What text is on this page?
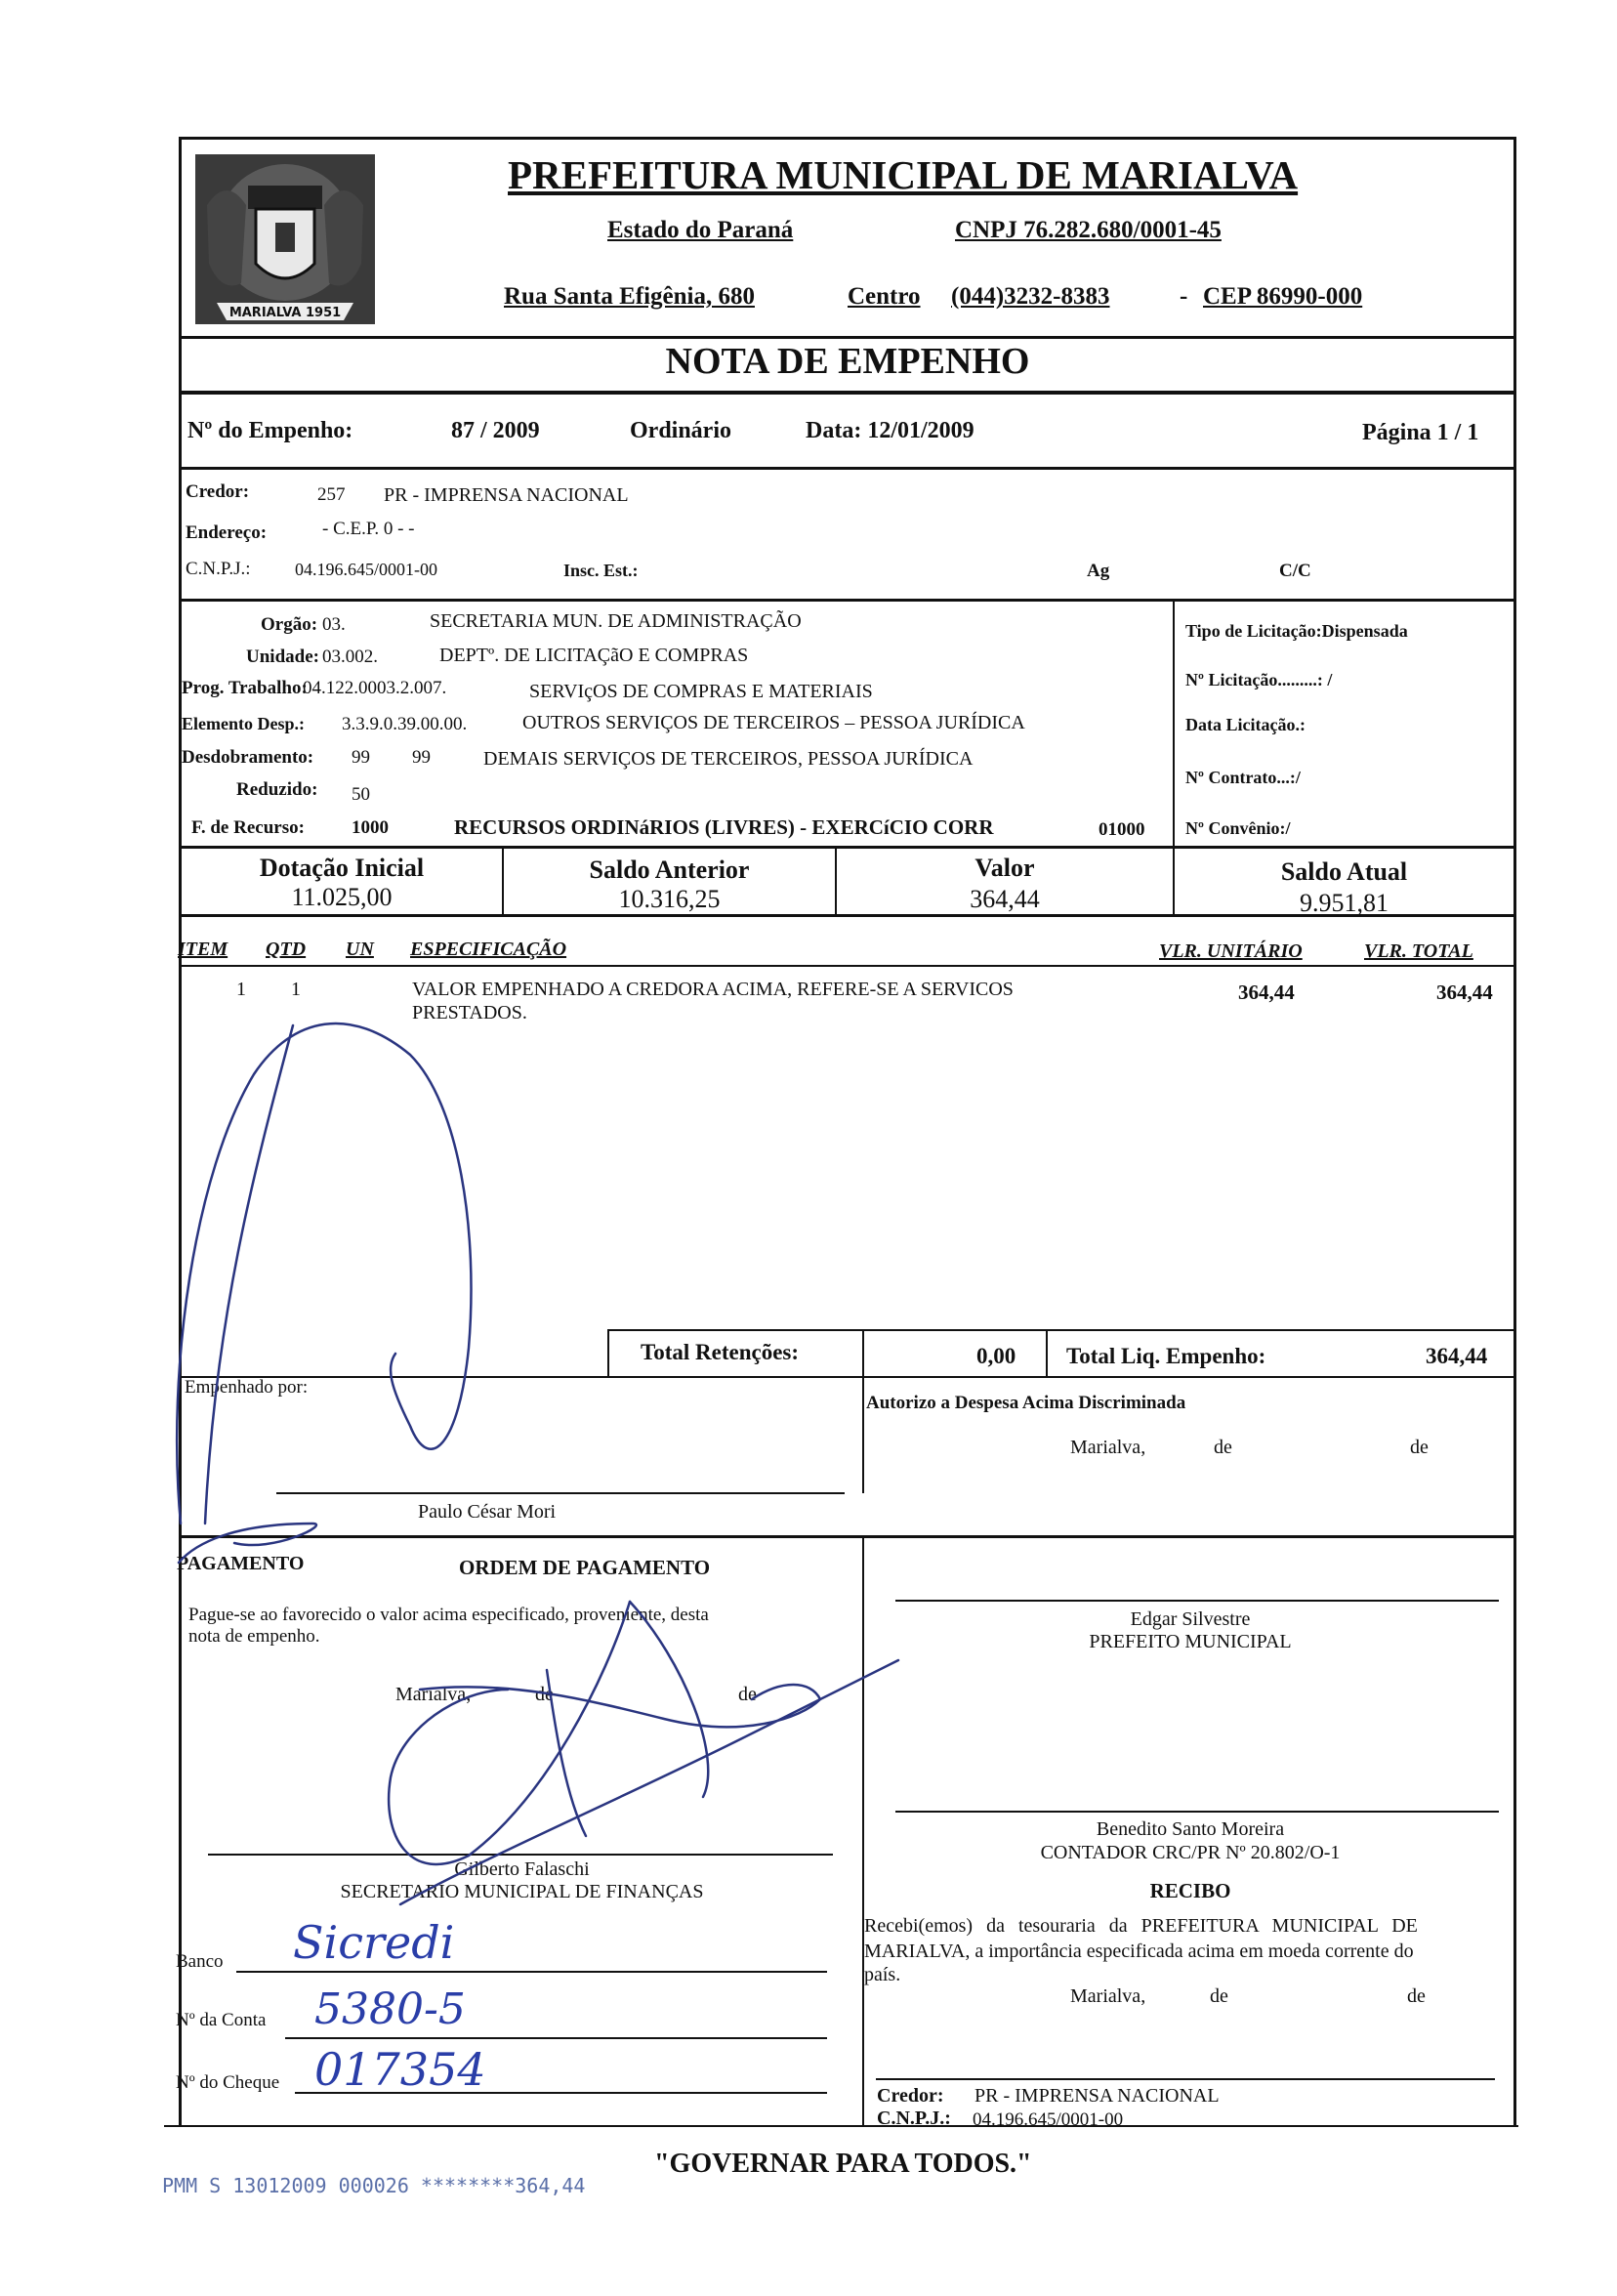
MARIALVA 1951
PREFEITURA MUNICIPAL DE MARIALVA
Estado do Paraná	CNPJ 76.282.680/0001-45
Rua Santa Efigênia, 680	Centro (044)3232-8383	- CEP 86990-000
NOTA DE EMPENHO
Nº do Empenho:	87 / 2009	Ordinário	Data: 12/01/2009	Página 1 / 1
Credor:	257 PR - IMPRENSA NACIONAL
Endereço:	- C.E.P. 0 - -
C.N.P.J.:	04.196.645/0001-00	Insc. Est.:	Ag	C/C
Orgão: 03.	SECRETARIA MUN. DE ADMINISTRAÇÃO
Unidade: 03.002.	DEPTº. DE LICITAÇãO E COMPRAS
Prog. Trabalho:
04.122.0003.2.007.	SERVIçOS DE COMPRAS E MATERIAIS
Elemento Desp.: 3.3.9.0.39.00.00.	OUTROS SERVIÇOS DE TERCEIROS – PESSOA JURÍDICA
Desdobramento: 99 99	DEMAIS SERVIÇOS DE TERCEIROS, PESSOA JURÍDICA
Reduzido: 50
F. de Recurso:	1000	RECURSOS ORDINáRIOS (LIVRES) - EXERCíCIO CORR	01000
Tipo de Licitação:Dispensada
Nº Licitação.........: /
Data Licitação.:
Nº Contrato...:/
Nº Convênio:/
Dotação Inicial
11.025,00
Saldo Anterior
10.316,25
Valor
364,44
Saldo Atual
9.951,81
ITEM QTD UN ESPECIFICAÇÃO	VLR. UNITÁRIO	VLR. TOTAL
1 1	VALOR EMPENHADO A CREDORA ACIMA, REFERE-SE A SERVICOS
PRESTADOS.
364,44	364,44
Total Retenções:	0,00 Total Liq. Empenho:	364,44
Empenhado por:
Paulo César Mori
Autorizo a Despesa Acima Discriminada
Marialva,	de	de
PAGAMENTO	ORDEM DE PAGAMENTO
Pague-se ao favorecido o valor acima especificado, proveniente, desta
nota de empenho.
Marialva,	de	de
Edgar Silvestre
PREFEITO MUNICIPAL
Benedito Santo Moreira
CONTADOR CRC/PR Nº 20.802/O-1
Gilberto Falaschi
SECRETARIO MUNICIPAL DE FINANÇAS	RECIBO
Recebi(emos) da tesouraria da PREFEITURA MUNICIPAL DE
MARIALVA, a importância especificada acima em moeda corrente do
país.
Marialva,	de	de
Credor: PR - IMPRENSA NACIONAL
C.N.P.J.: 04.196.645/0001-00
Banco Sicredi
Nº da Conta 5380-5
Nº do Cheque 017354
"GOVERNAR PARA TODOS."
PMM S 13012009 000026 ********364,44
